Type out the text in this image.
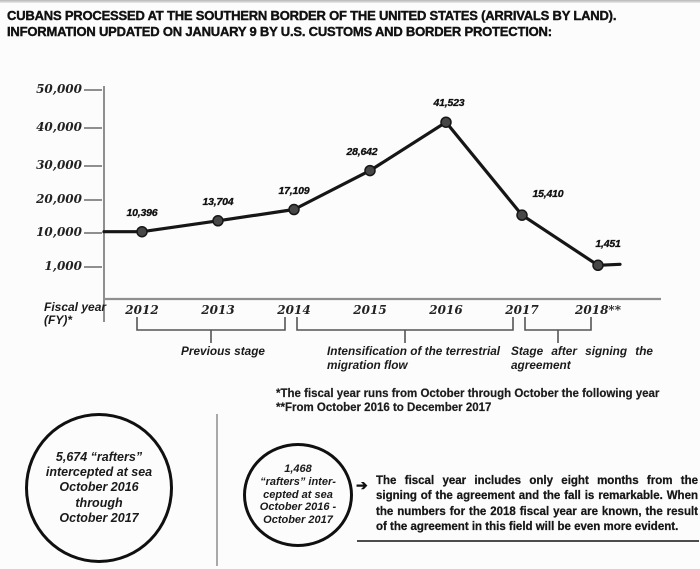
CUBANS PROCESSED AT THE SOUTHERN BORDER OF THE UNITED STATES (ARRIVALS BY LAND).
INFORMATION UPDATED ON JANUARY 9 BY U.S. CUSTOMS AND BORDER PROTECTION:
50,000
40,000
30,000
20,000
10,000
1,000
10,396
2012
13,704
2013
17,109
2014
28,642
2015
41,523
2016
15,410
2017
1,451
2018**
Previous stage	Intensification of the terrestrial migration flow
Stage after signing the agreement
Fiscal year
(FY)*
*The fiscal year runs from October through October the following year
**From October 2016 to December 2017
5,674 “rafters”
intercepted at sea
October 2016
through
October 2017
1,468
“rafters” inter-
cepted at sea
October 2016 -
October 2017
➔ The fiscal year includes only eight months from the signing of the agreement and the fall is remarkable. When the numbers for the 2018 fiscal year are known, the result of the agreement in this field will be even more evident.
